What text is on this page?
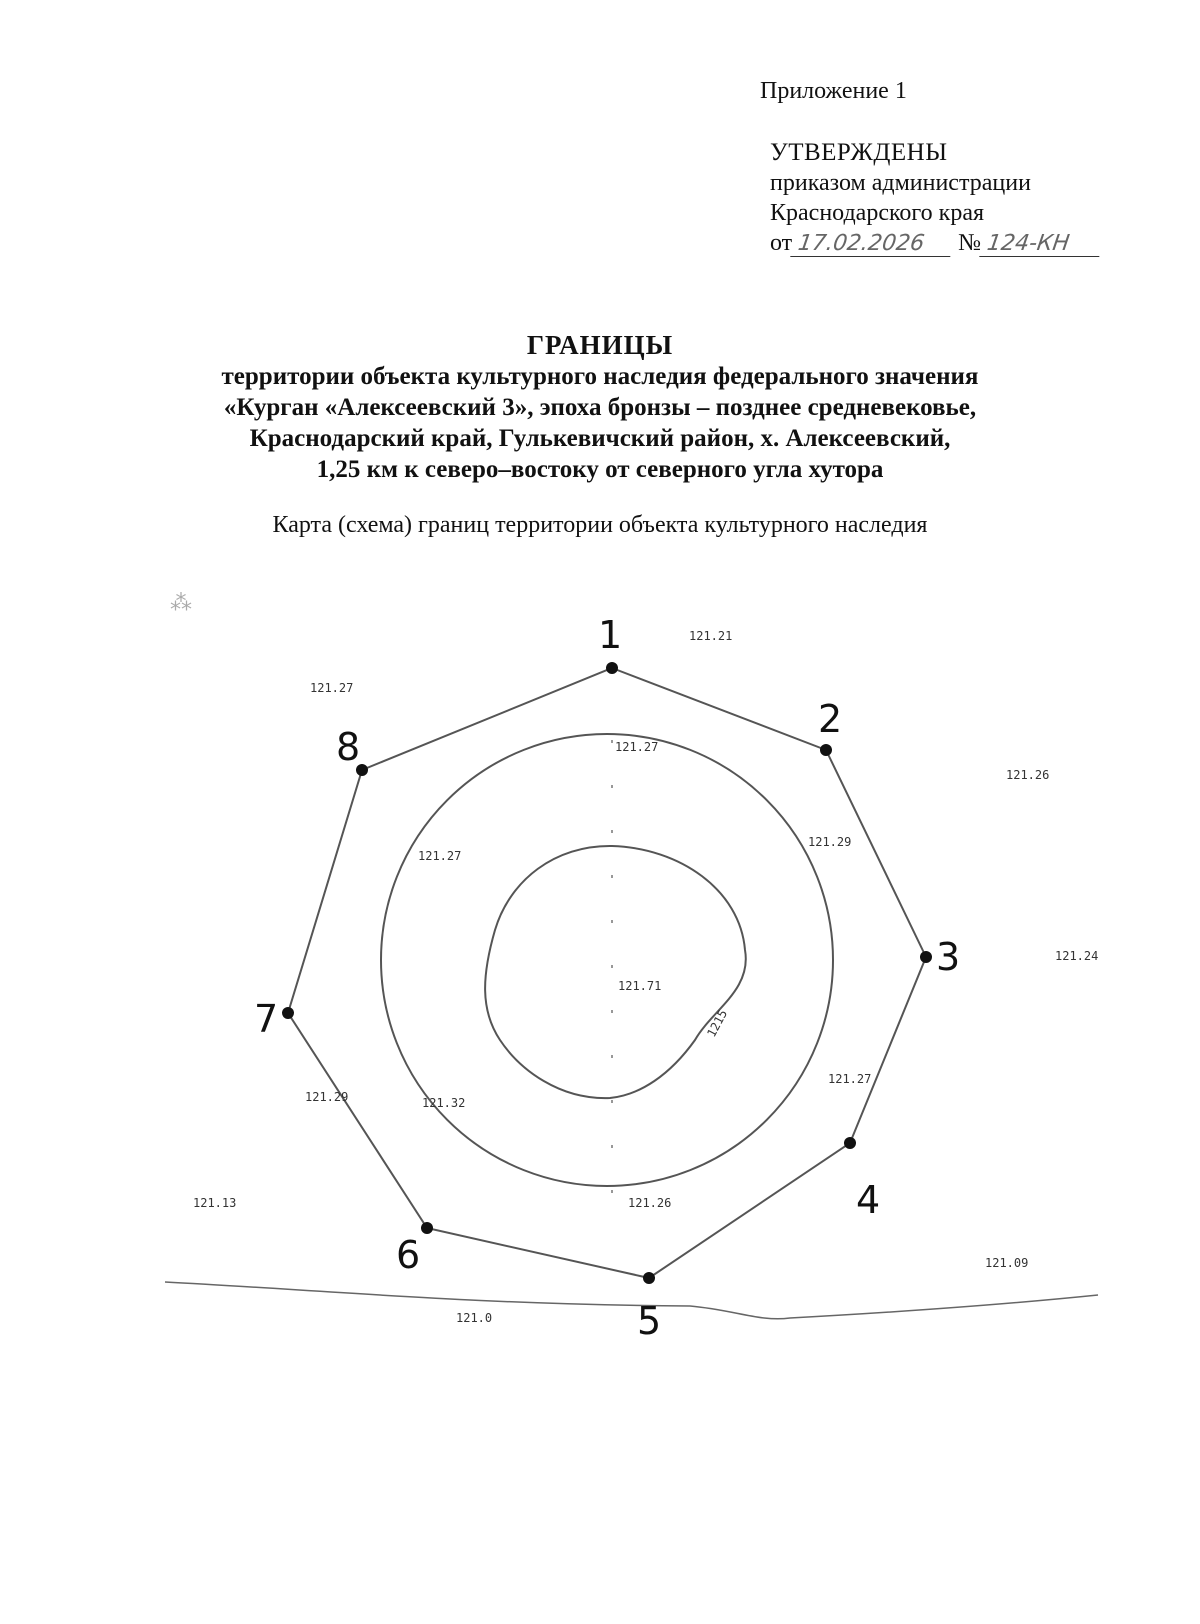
Приложение 1
УТВЕРЖДЕНЫ
приказом администрации
Краснодарского края
от 17.02.2026 № 124-КН
ГРАНИЦЫ
территории объекта культурного наследия федерального значения
«Курган «Алексеевский 3», эпоха бронзы – позднее средневековье,
Краснодарский край, Гулькевичский район, х. Алексеевский,
1,25 км к северо–востоку от северного угла хутора
Карта (схема) границ территории объекта культурного наследия
⁂
1
2
3
4
5
6
7
8
1215
121.0
121.21
121.27
121.26
121.24
121.13
121.09
121.27
121.29
121.27
121.71
121.27
121.32
121.29
121.26
